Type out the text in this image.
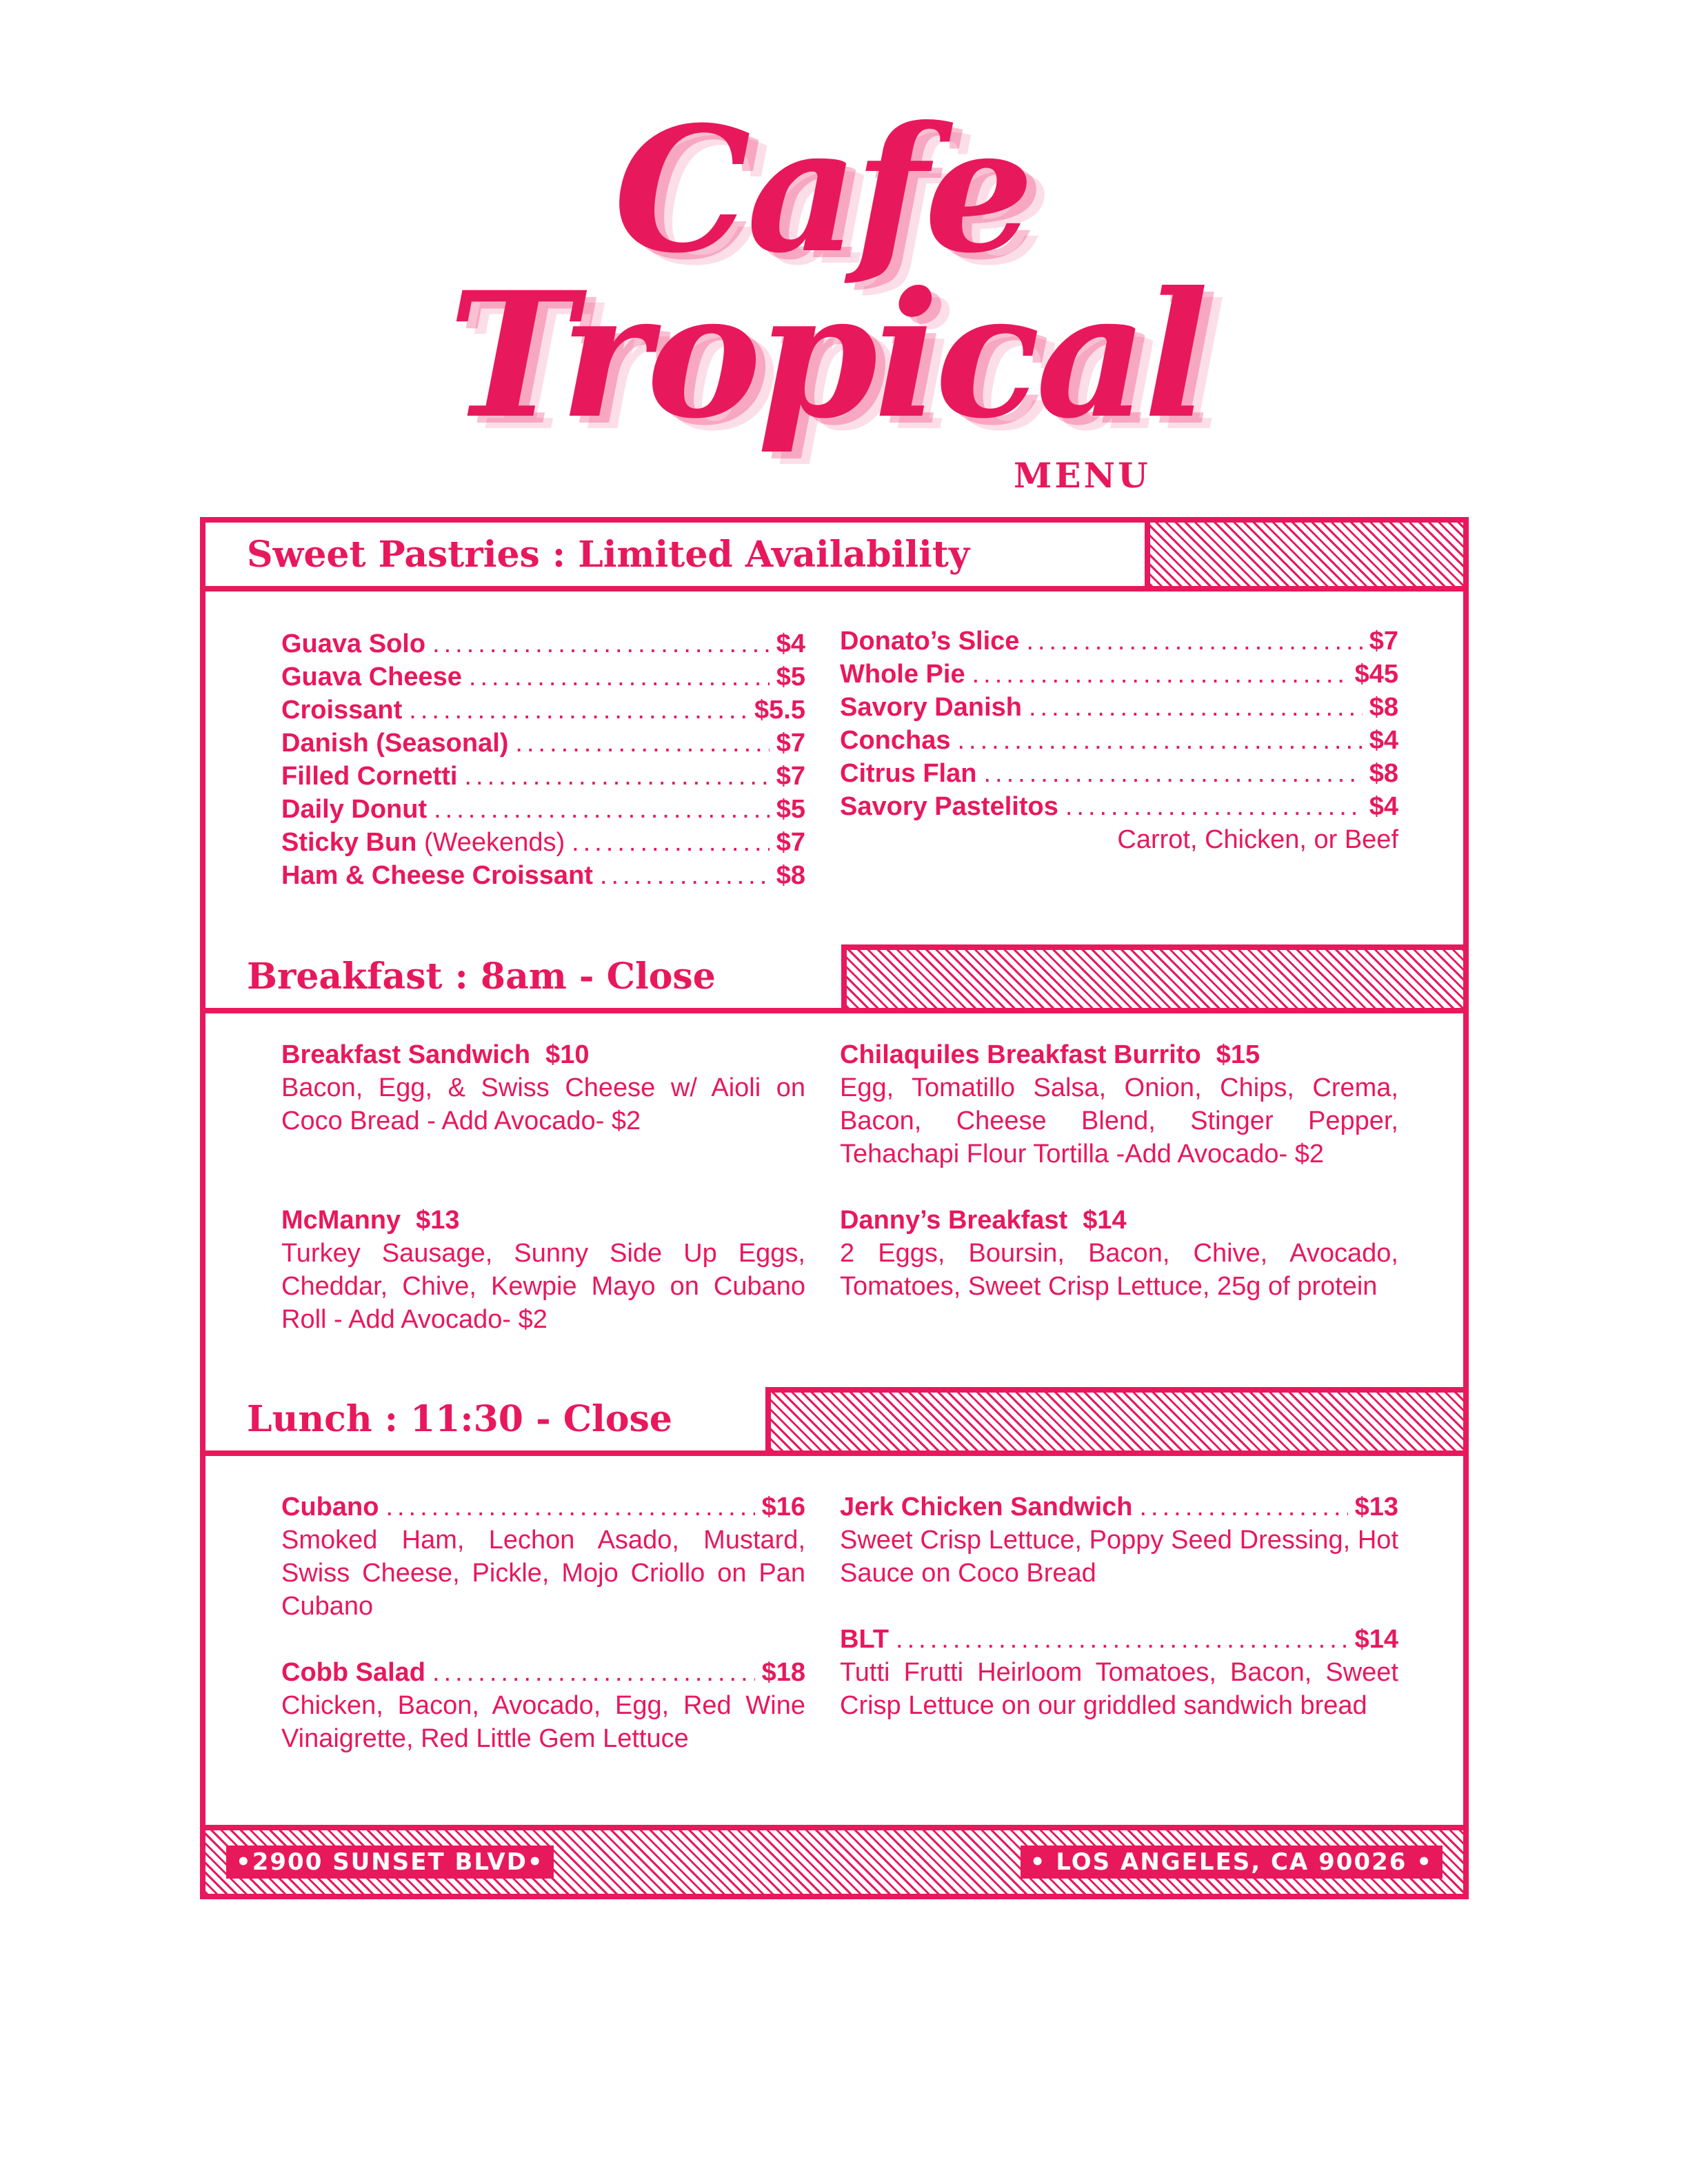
Cafe

Tropical

MENU
Sweet Pastries : Limited Availability
Guava Solo .....	$4
Guava Cheese .....	$5
Croissant .....	$5.5
Danish (Seasonal) .....	$7
Filled Cornetti .....	$7
Daily Donut .....	$5
Sticky Bun (Weekends) .....	$7
Ham & Cheese Croissant .....	$8
Donato’s Slice .....	$7
Whole Pie .....	$45
Savory Danish .....	$8
Conchas .....	$4
Citrus Flan .....	$8
Savory Pastelitos .....	$4
Carrot, Chicken, or Beef
Breakfast : 8am - Close
Breakfast Sandwich $10
Bacon, Egg, & Swiss Cheese w/ Aioli on Coco Bread - Add Avocado- $2
McManny $13
Turkey Sausage, Sunny Side Up Eggs, Cheddar, Chive, Kewpie Mayo on Cubano Roll - Add Avocado- $2
Chilaquiles Breakfast Burrito $15
Egg, Tomatillo Salsa, Onion, Chips, Crema, Bacon, Cheese Blend, Stinger Pepper, Tehachapi Flour Tortilla -Add Avocado- $2
Danny’s Breakfast $14
2 Eggs, Boursin, Bacon, Chive, Avocado, Tomatoes, Sweet Crisp Lettuce, 25g of protein
Lunch : 11:30 - Close
Cubano .....	$16
Smoked Ham, Lechon Asado, Mustard, Swiss Cheese, Pickle, Mojo Criollo on Pan Cubano
Cobb Salad .....	$18
Chicken, Bacon, Avocado, Egg, Red Wine Vinaigrette, Red Little Gem Lettuce
Jerk Chicken Sandwich .....	$13
Sweet Crisp Lettuce, Poppy Seed Dressing, Hot Sauce on Coco Bread
BLT .....	$14
Tutti Frutti Heirloom Tomatoes, Bacon, Sweet Crisp Lettuce on our griddled sandwich bread
•2900 SUNSET BLVD•	• LOS ANGELES, CA 90026 •
